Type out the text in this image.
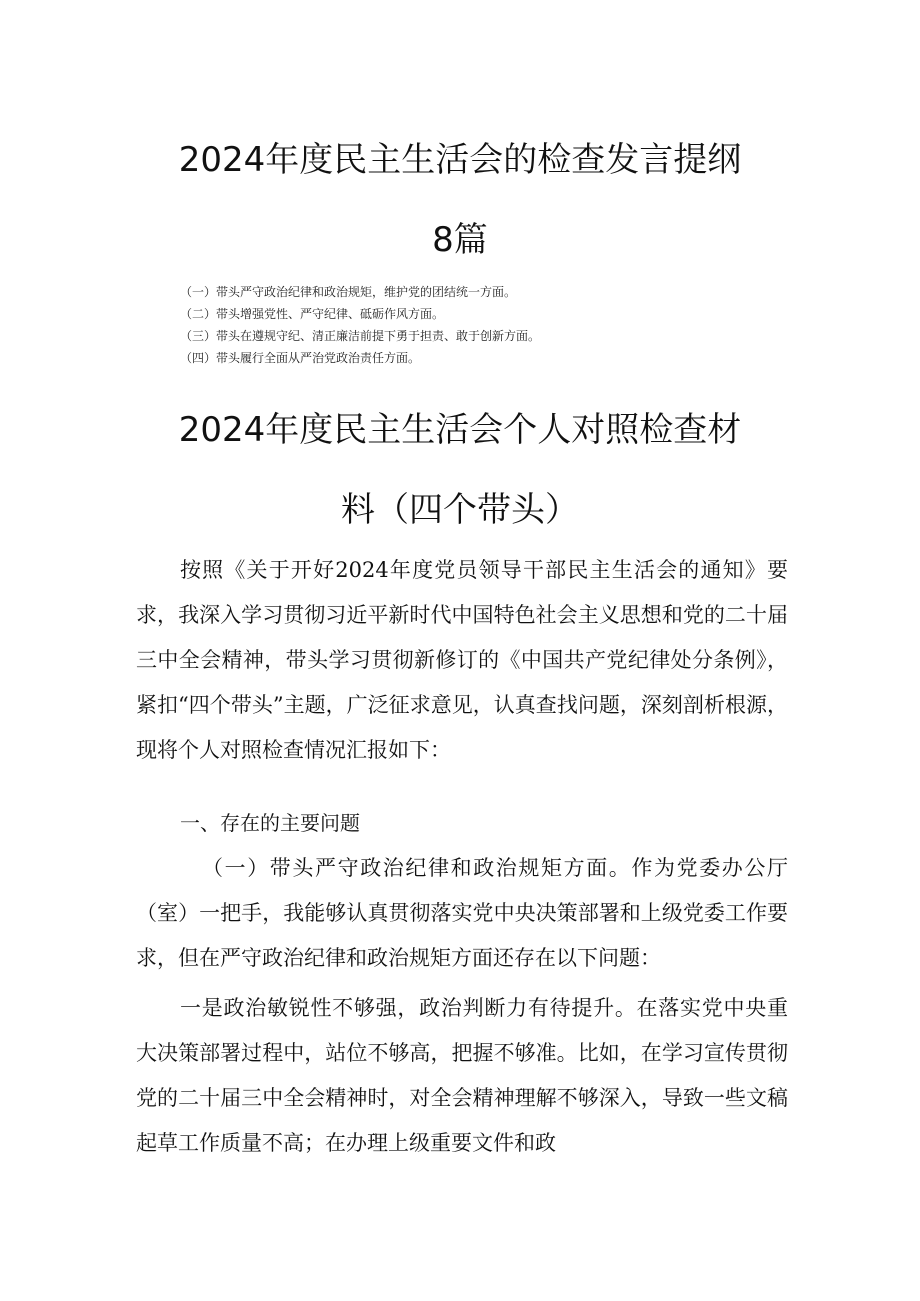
2024年度民主生活会的检查发言提纲
8篇
（一）带头严守政治纪律和政治规矩，维护党的团结统一方面。
（二）带头增强党性、严守纪律、砥砺作风方面。
（三）带头在遵规守纪、清正廉洁前提下勇于担责、敢于创新方面。
（四）带头履行全面从严治党政治责任方面。
2024年度民主生活会个人对照检查材
料（四个带头）

按照《关于开好2024年度党员领导干部民主生活会的通知》要求，我深入学习贯彻习近平新时代中国特色社会主义思想和党的二十届三中全会精神，带头学习贯彻新修订的《中国共产党纪律处分条例》，紧扣“四个带头”主题，广泛征求意见，认真查找问题，深刻剖析根源，现将个人对照检查情况汇报如下：

一、存在的主要问题

（一）带头严守政治纪律和政治规矩方面。作为党委办公厅（室）一把手，我能够认真贯彻落实党中央决策部署和上级党委工作要求，但在严守政治纪律和政治规矩方面还存在以下问题：

一是政治敏锐性不够强，政治判断力有待提升。在落实党中央重大决策部署过程中，站位不够高，把握不够准。比如，在学习宣传贯彻党的二十届三中全会精神时，对全会精神理解不够深入，导致一些文稿起草工作质量不高；在办理上级重要文件和政
